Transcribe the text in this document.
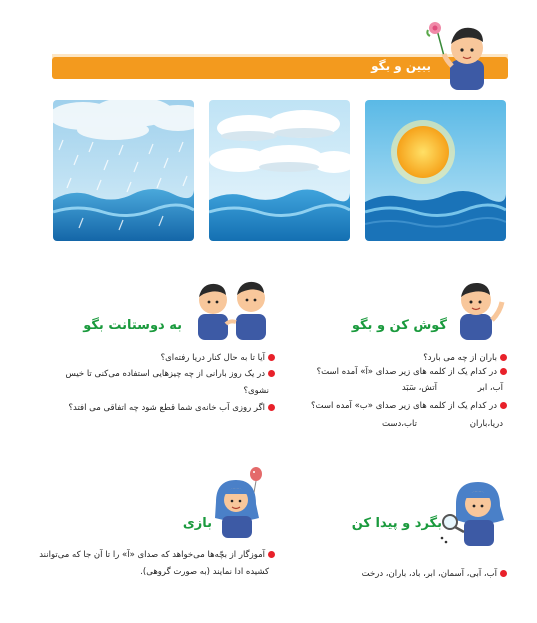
ببین و بگو
گوش کن و بگو
باران از چه می بارد؟
در کدام یک از کلمه های زیر صدای «آ» آمده است؟
آب، ابر
آتش، سَبَد
در کدام یک از کلمه های زیر صدای «ب» آمده است؟
دریا،باران
تاب،دست
به دوستانت بگو
آیا تا به حال کنار دریا رفته‌ای؟
در یک روز بارانی از چه چیزهایی استفاده می‌کنی تا خیس
نشوی؟
اگر روزی آب خانه‌ی شما قطع شود چه اتفاقی می افتد؟
بگرد و پیدا کن
آب، آبی، آسمان، ابر، باد، باران، درخت
بازی
آموزگار از بچّه‌ها می‌خواهد که صدای «آ» را تا آن جا که می‌توانند
کشیده ادا نمایند (به صورت گروهی).
